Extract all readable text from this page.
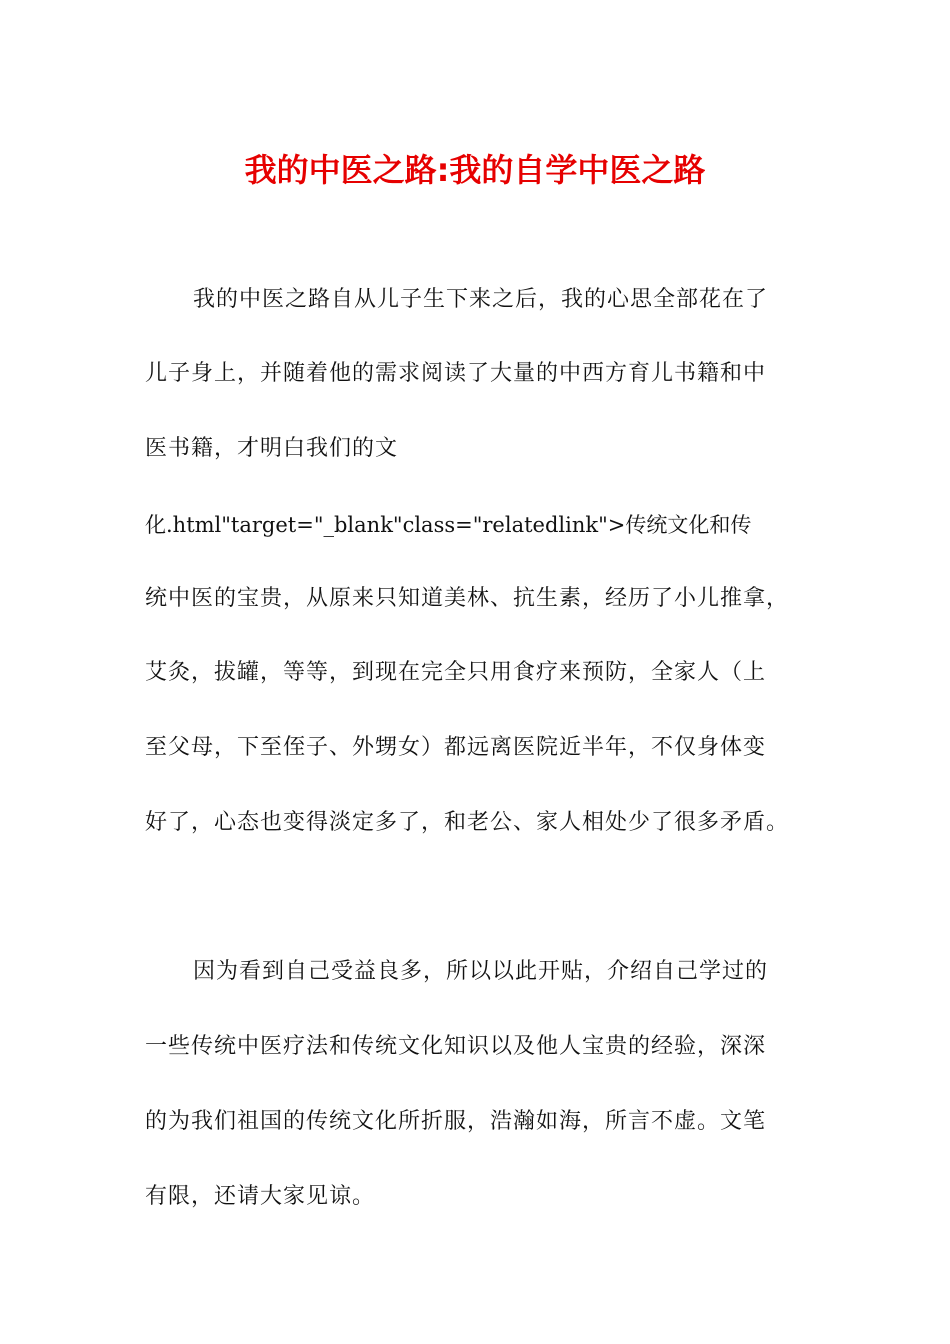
我的中医之路:我的自学中医之路
我的中医之路自从儿子生下来之后，我的心思全部花在了
儿子身上，并随着他的需求阅读了大量的中西方育儿书籍和中
医书籍，才明白我们的文
化.html"target="_blank"class="relatedlink">传统文化和传
统中医的宝贵，从原来只知道美林、抗生素，经历了小儿推拿，
艾灸，拔罐，等等，到现在完全只用食疗来预防，全家人（上
至父母，下至侄子、外甥女）都远离医院近半年，不仅身体变
好了，心态也变得淡定多了，和老公、家人相处少了很多矛盾。
因为看到自己受益良多，所以以此开贴，介绍自己学过的
一些传统中医疗法和传统文化知识以及他人宝贵的经验，深深
的为我们祖国的传统文化所折服，浩瀚如海，所言不虚。文笔
有限，还请大家见谅。
